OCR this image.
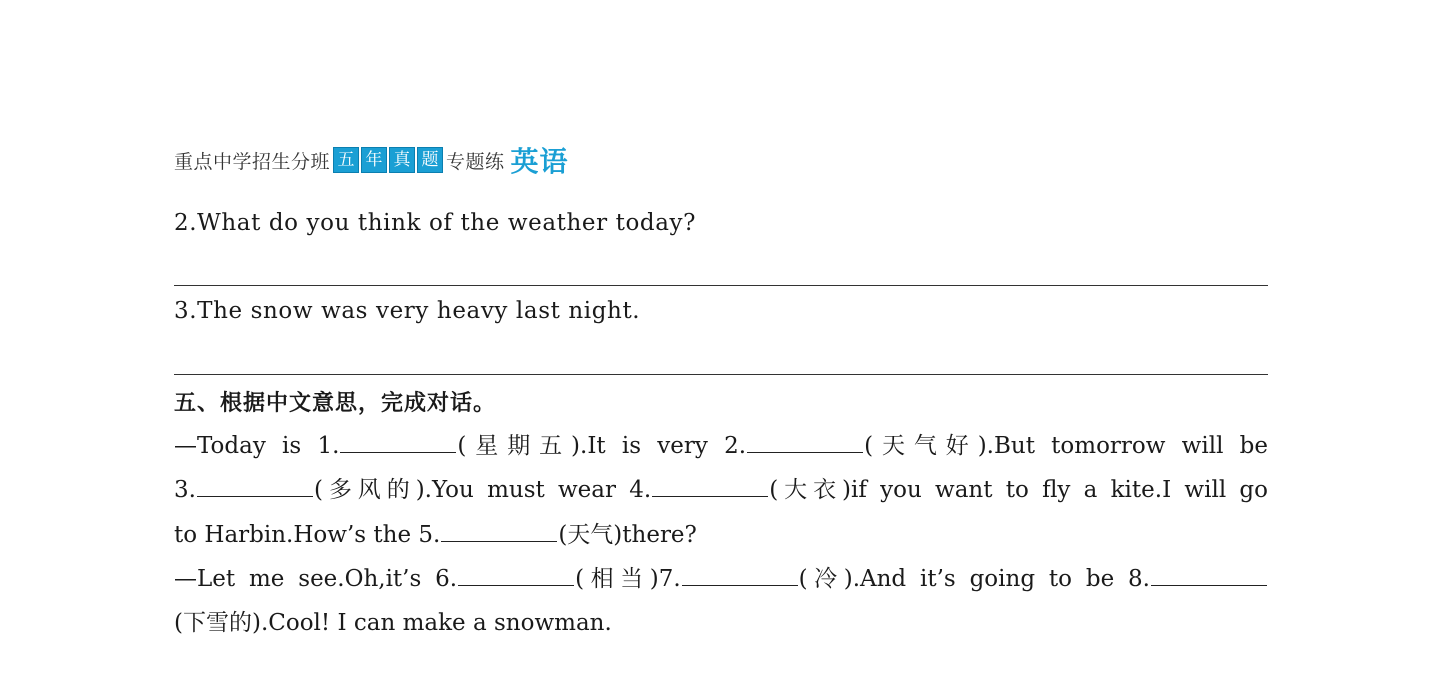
重点中学招生分班 五 年 真 题 专题练 英语
2.What do you think of the weather today?
3.The snow was very heavy last night.
五、根据中文意思，完成对话。
—Today is 1.	(星期五).It is very 2.	(天气好).But tomorrow will be
3.	(多风的).You must wear 4.	(大衣)if you want to fly a kite.I will go
to Harbin.How’s the 5.	(天气)there?
—Let me see.Oh,it’s 6.	(相当)7.	(冷).And it’s going to be 8.
(下雪的).Cool! I can make a snowman.
